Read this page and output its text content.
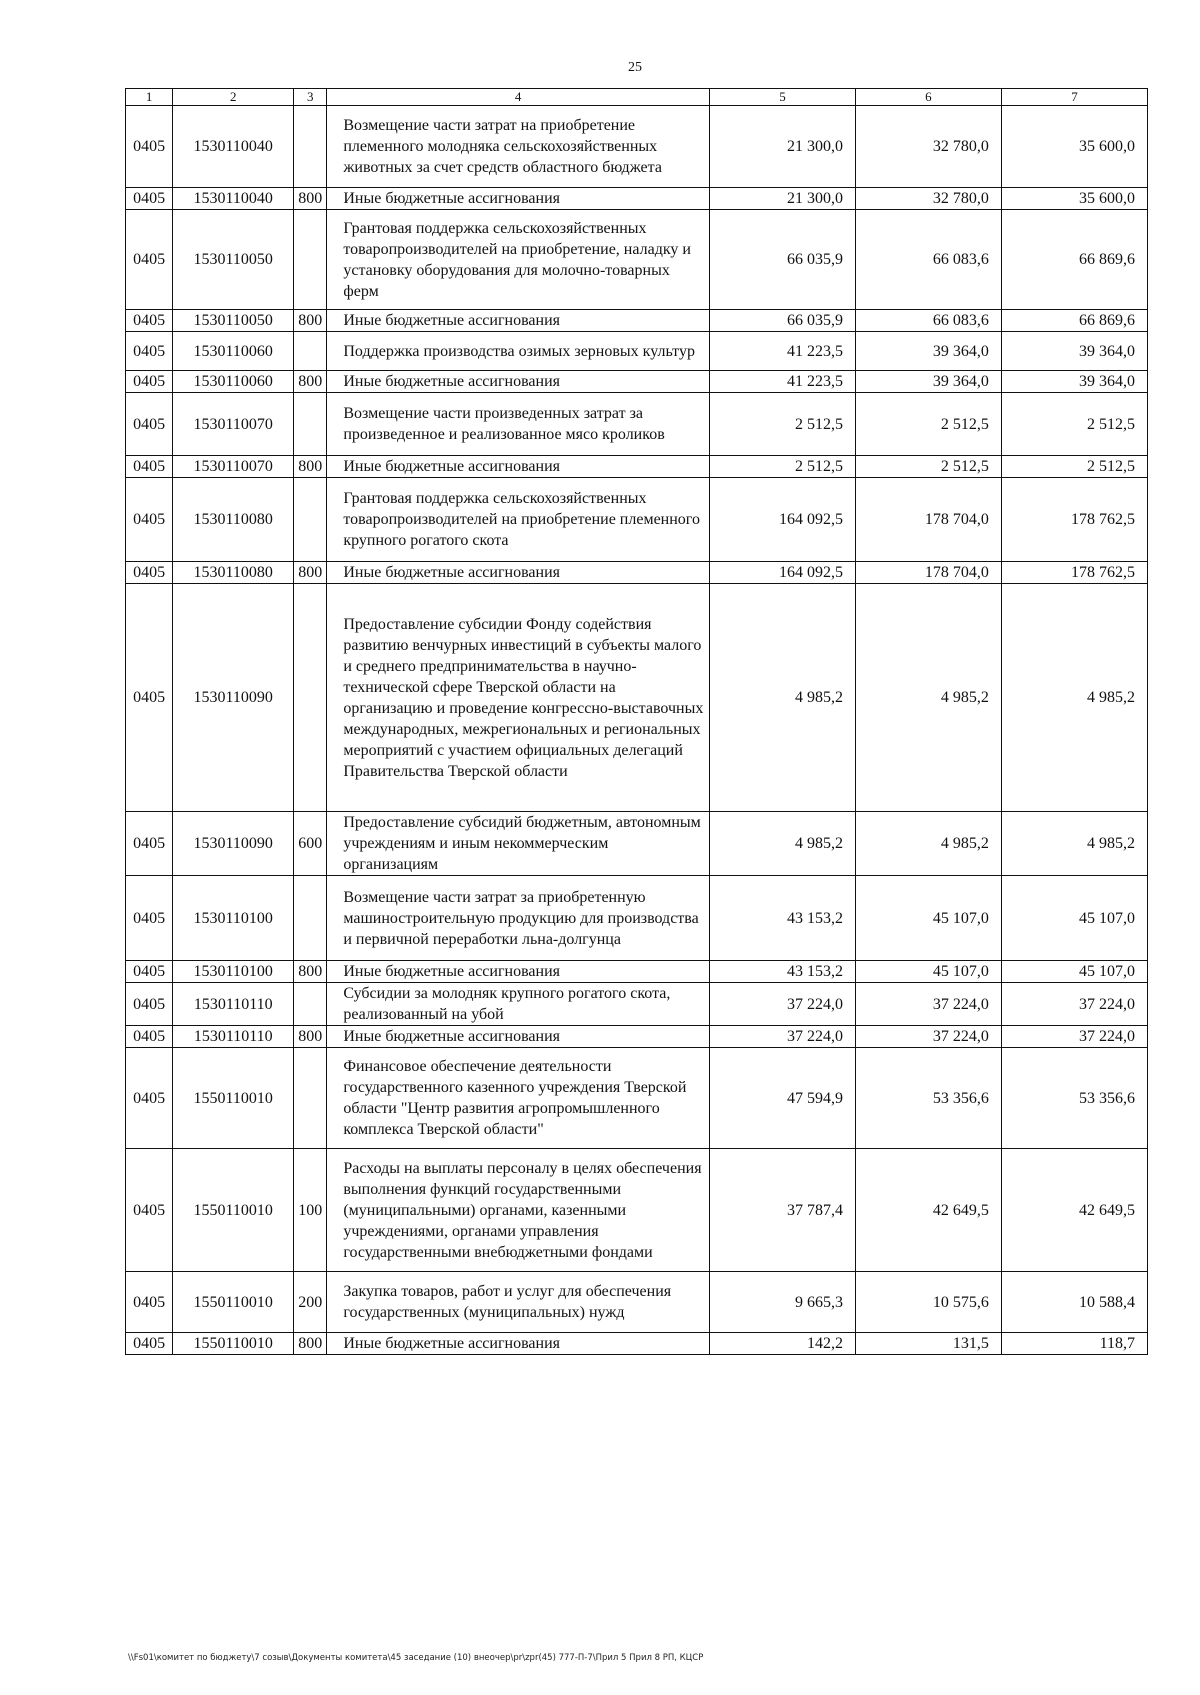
25
1	2	3	4	5	6	7
0405	1530110040		Возмещение части затрат на приобретение племенного молодняка сельскохозяйственных животных за счет средств областного бюджета	21 300,0	32 780,0	35 600,0
0405	1530110040	800	Иные бюджетные ассигнования	21 300,0	32 780,0	35 600,0
0405	1530110050		Грантовая поддержка сельскохозяйственных товаропроизводителей на приобретение, наладку и установку оборудования для молочно-товарных ферм	66 035,9	66 083,6	66 869,6
0405	1530110050	800	Иные бюджетные ассигнования	66 035,9	66 083,6	66 869,6
0405	1530110060		Поддержка производства озимых зерновых культур	41 223,5	39 364,0	39 364,0
0405	1530110060	800	Иные бюджетные ассигнования	41 223,5	39 364,0	39 364,0
0405	1530110070		Возмещение части произведенных затрат за произведенное и реализованное мясо кроликов	2 512,5	2 512,5	2 512,5
0405	1530110070	800	Иные бюджетные ассигнования	2 512,5	2 512,5	2 512,5
0405	1530110080		Грантовая поддержка сельскохозяйственных товаропроизводителей на приобретение племенного крупного рогатого скота	164 092,5	178 704,0	178 762,5
0405	1530110080	800	Иные бюджетные ассигнования	164 092,5	178 704,0	178 762,5
0405	1530110090		Предоставление субсидии Фонду содействия развитию венчурных инвестиций в субъекты малого и среднего предпринимательства в научно-технической сфере Тверской области на организацию и проведение конгрессно-выставочных международных, межрегиональных и региональных мероприятий с участием официальных делегаций Правительства Тверской области	4 985,2	4 985,2	4 985,2
0405	1530110090	600	Предоставление субсидий бюджетным, автономным учреждениям и иным некоммерческим организациям	4 985,2	4 985,2	4 985,2
0405	1530110100		Возмещение части затрат за приобретенную машиностроительную продукцию для производства и первичной переработки льна-долгунца	43 153,2	45 107,0	45 107,0
0405	1530110100	800	Иные бюджетные ассигнования	43 153,2	45 107,0	45 107,0
0405	1530110110		Субсидии за молодняк крупного рогатого скота, реализованный на убой	37 224,0	37 224,0	37 224,0
0405	1530110110	800	Иные бюджетные ассигнования	37 224,0	37 224,0	37 224,0
0405	1550110010		Финансовое обеспечение деятельности государственного казенного учреждения Тверской области "Центр развития агропромышленного комплекса Тверской области"	47 594,9	53 356,6	53 356,6
0405	1550110010	100	Расходы на выплаты персоналу в целях обеспечения выполнения функций государственными (муниципальными) органами, казенными учреждениями, органами управления государственными внебюджетными фондами	37 787,4	42 649,5	42 649,5
0405	1550110010	200	Закупка товаров, работ и услуг для обеспечения государственных (муниципальных) нужд	9 665,3	10 575,6	10 588,4
0405	1550110010	800	Иные бюджетные ассигнования	142,2	131,5	118,7
\\Fs01\комитет по бюджету\7 созыв\Документы комитета\45 заседание (10) внеочер\pr\zpr(45) 777-П-7\Прил 5 Прил 8 РП, КЦСР
